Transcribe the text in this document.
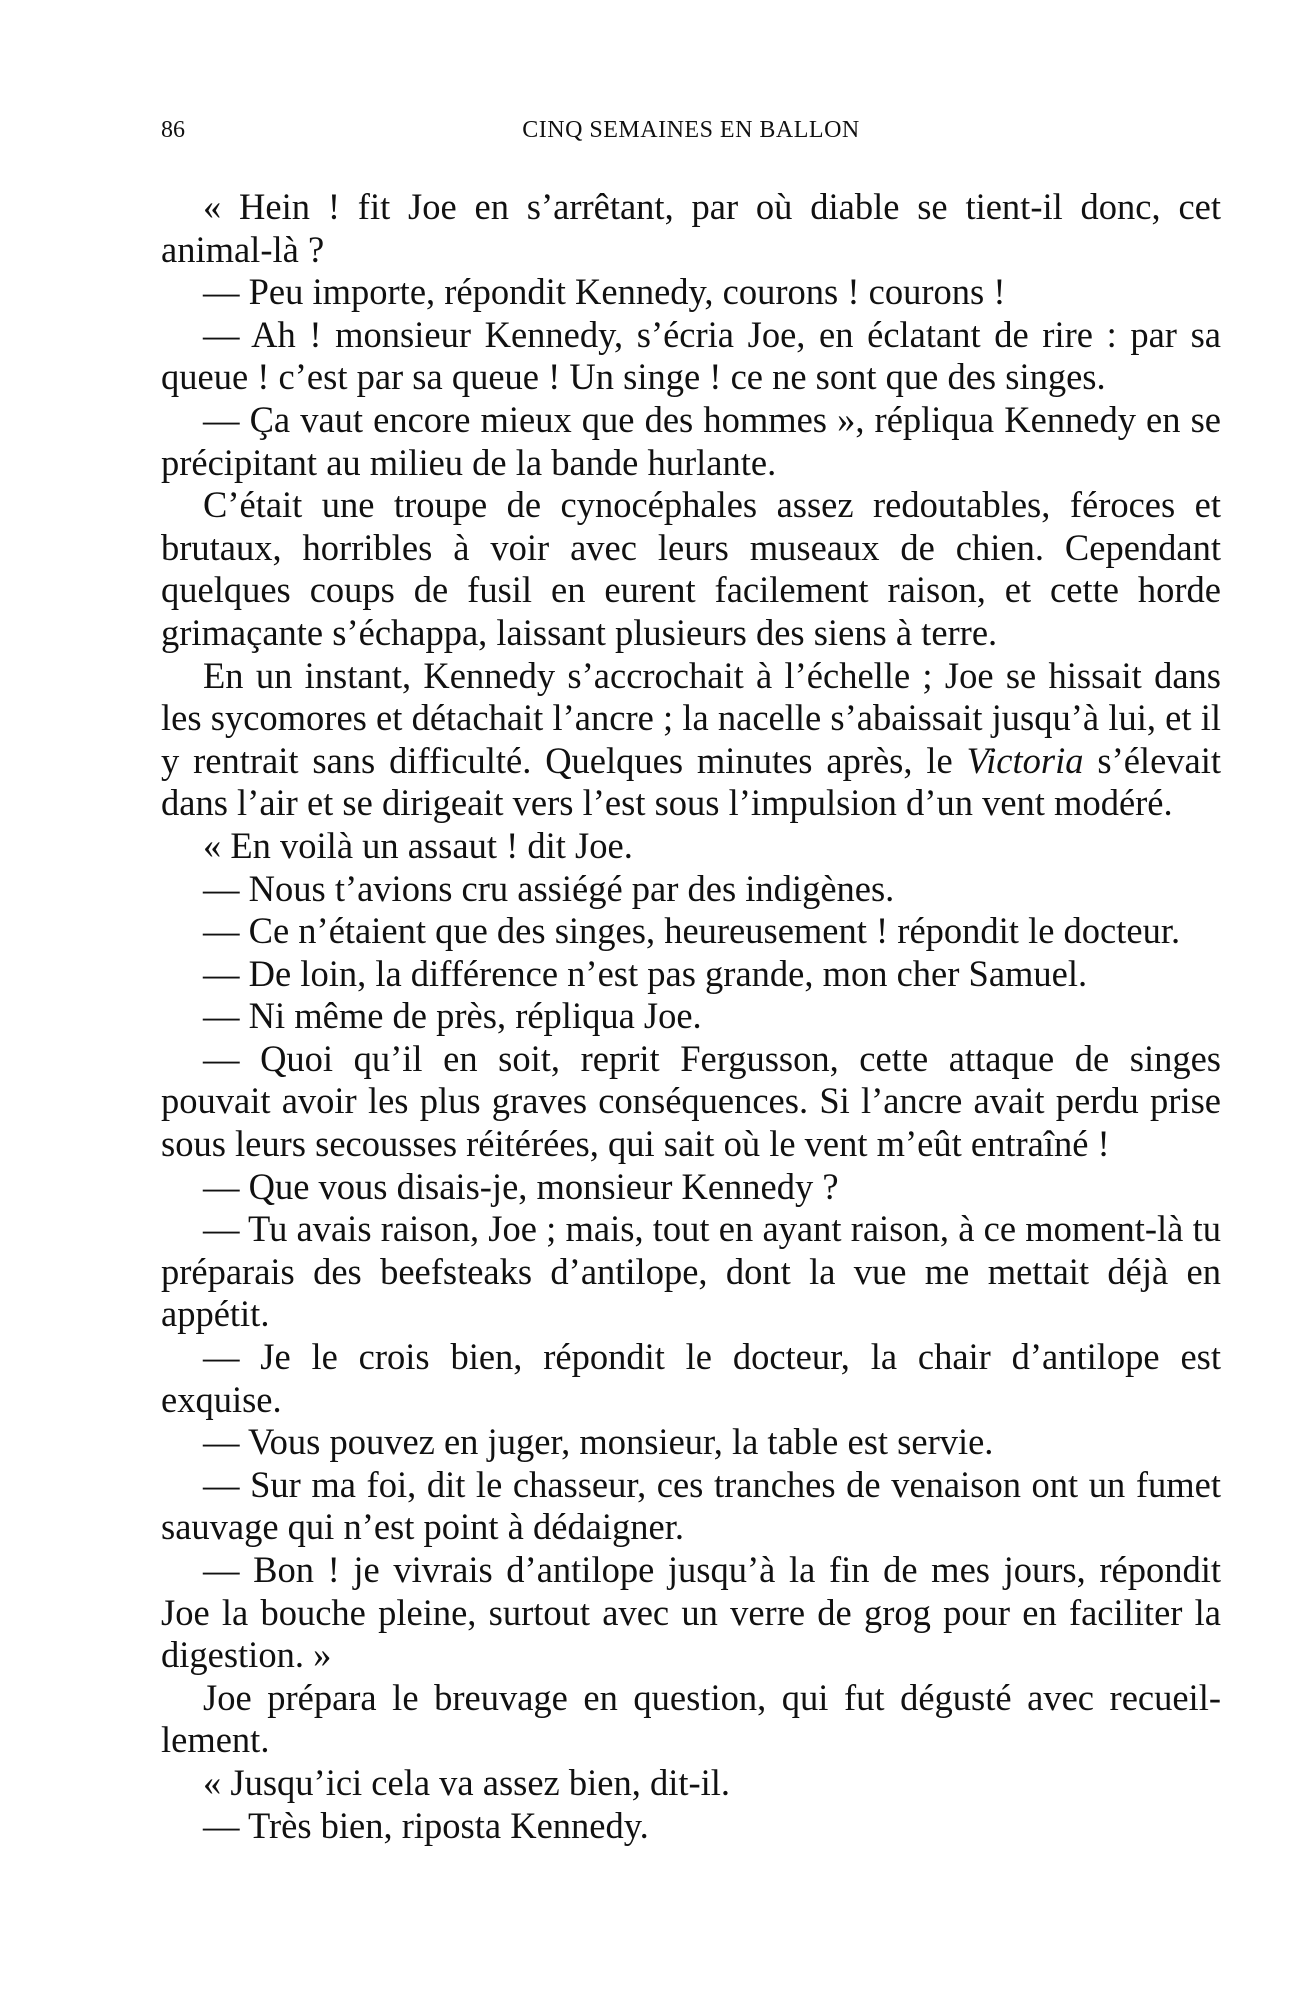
86	CINQ SEMAINES EN BALLON

« Hein ! fit Joe en s’arrêtant, par où diable se tient-il donc, cet animal-là ?

— Peu importe, répondit Kennedy, courons ! courons !

— Ah ! monsieur Kennedy, s’écria Joe, en éclatant de rire : par sa queue ! c’est par sa queue ! Un singe ! ce ne sont que des singes.

— Ça vaut encore mieux que des hommes », répliqua Kennedy en se précipitant au milieu de la bande hurlante.

C’était une troupe de cynocéphales assez redoutables, féroces et brutaux, horribles à voir avec leurs museaux de chien. Cependant quelques coups de fusil en eurent facilement raison, et cette horde grimaçante s’échappa, laissant plusieurs des siens à terre.

En un instant, Kennedy s’accrochait à l’échelle ; Joe se hissait dans les sycomores et détachait l’ancre ; la nacelle s’abaissait jusqu’à lui, et il y rentrait sans difficulté. Quelques minutes après, le Victoria s’élevait dans l’air et se dirigeait vers l’est sous l’impulsion d’un vent modéré.

« En voilà un assaut ! dit Joe.

— Nous t’avions cru assiégé par des indigènes.

— Ce n’étaient que des singes, heureusement ! répondit le docteur.

— De loin, la différence n’est pas grande, mon cher Samuel.

— Ni même de près, répliqua Joe.

— Quoi qu’il en soit, reprit Fergusson, cette attaque de singes pouvait avoir les plus graves conséquences. Si l’ancre avait perdu prise sous leurs secousses réitérées, qui sait où le vent m’eût entraîné !

— Que vous disais-je, monsieur Kennedy ?

— Tu avais raison, Joe ; mais, tout en ayant raison, à ce moment-là tu préparais des beefsteaks d’antilope, dont la vue me mettait déjà en appétit.

— Je le crois bien, répondit le docteur, la chair d’antilope est exquise.

— Vous pouvez en juger, monsieur, la table est servie.

— Sur ma foi, dit le chasseur, ces tranches de venaison ont un fumet sauvage qui n’est point à dédaigner.

— Bon ! je vivrais d’antilope jusqu’à la fin de mes jours, répondit Joe la bouche pleine, surtout avec un verre de grog pour en faciliter la digestion. »

Joe prépara le breuvage en question, qui fut dégusté avec recueillement.

« Jusqu’ici cela va assez bien, dit-il.

— Très bien, riposta Kennedy.
